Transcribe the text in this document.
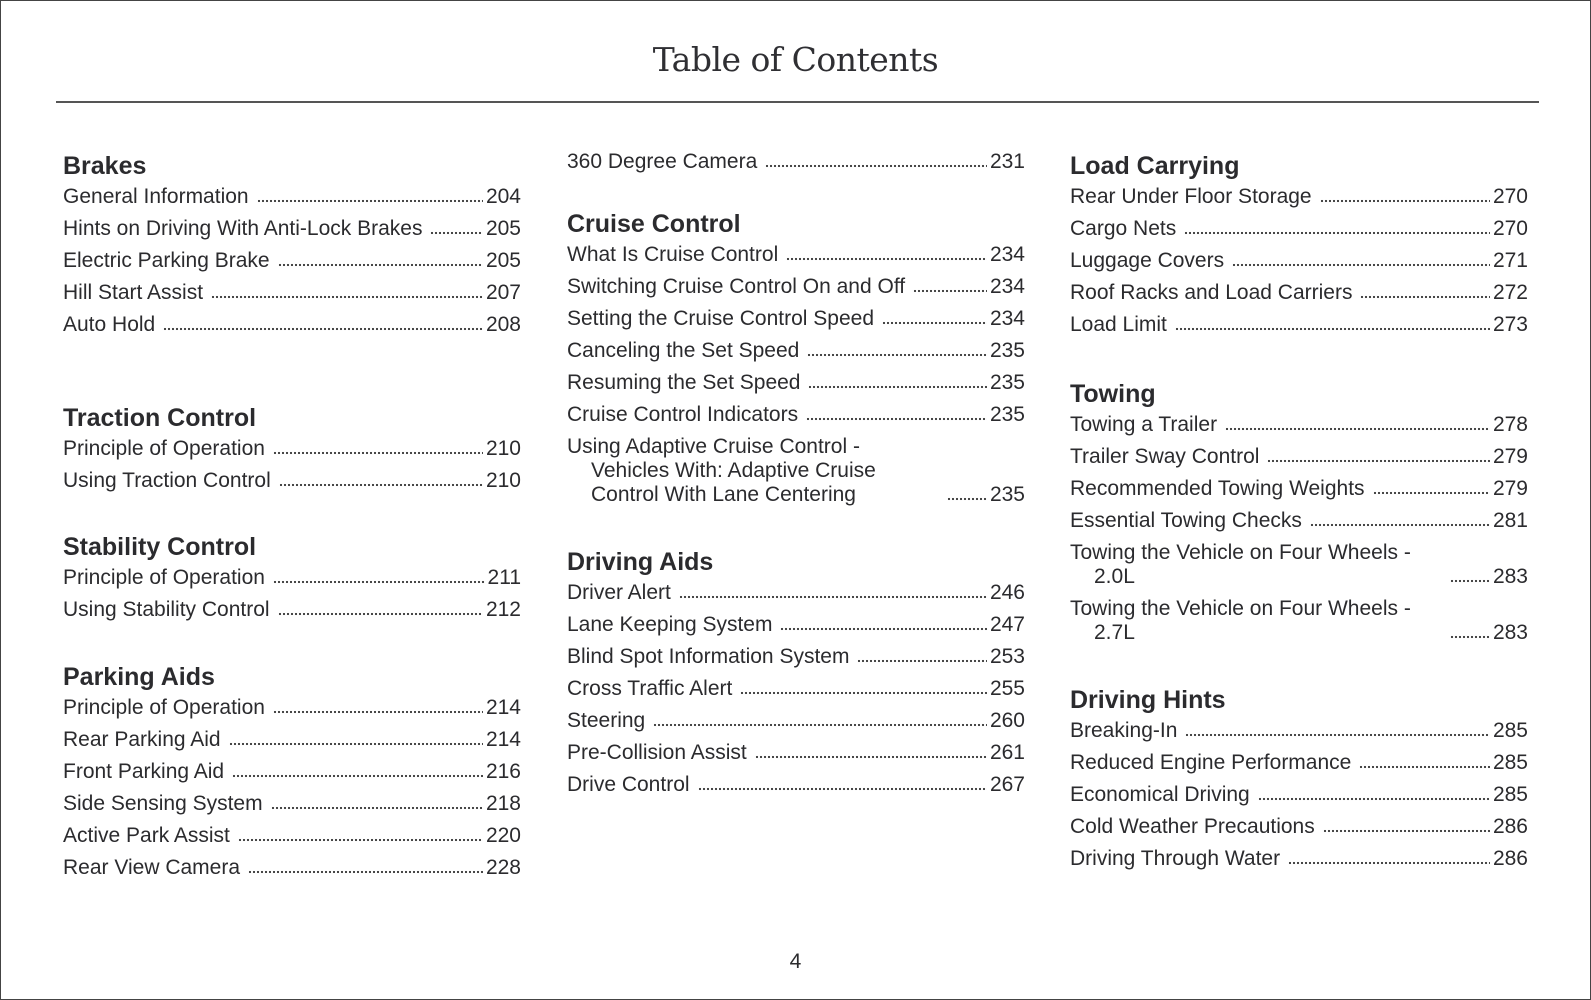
Table of Contents
Brakes
General Information	204
Hints on Driving With Anti-Lock Brakes	205
Electric Parking Brake	205
Hill Start Assist	207
Auto Hold	208
Traction Control
Principle of Operation	210
Using Traction Control	210
Stability Control
Principle of Operation	211
Using Stability Control	212
Parking Aids
Principle of Operation	214
Rear Parking Aid	214
Front Parking Aid	216
Side Sensing System	218
Active Park Assist	220
Rear View Camera	228
360 Degree Camera	231
Cruise Control
What Is Cruise Control	234
Switching Cruise Control On and Off	234
Setting the Cruise Control Speed	234
Canceling the Set Speed	235
Resuming the Set Speed	235
Cruise Control Indicators	235
Using Adaptive Cruise Control - Vehicles With: Adaptive Cruise Control With Lane Centering	235
Driving Aids
Driver Alert	246
Lane Keeping System	247
Blind Spot Information System	253
Cross Traffic Alert	255
Steering	260
Pre-Collision Assist	261
Drive Control	267
Load Carrying
Rear Under Floor Storage	270
Cargo Nets	270
Luggage Covers	271
Roof Racks and Load Carriers	272
Load Limit	273
Towing
Towing a Trailer	278
Trailer Sway Control	279
Recommended Towing Weights	279
Essential Towing Checks	281
Towing the Vehicle on Four Wheels - 2.0L	283
Towing the Vehicle on Four Wheels - 2.7L	283
Driving Hints
Breaking-In	285
Reduced Engine Performance	285
Economical Driving	285
Cold Weather Precautions	286
Driving Through Water	286
4
